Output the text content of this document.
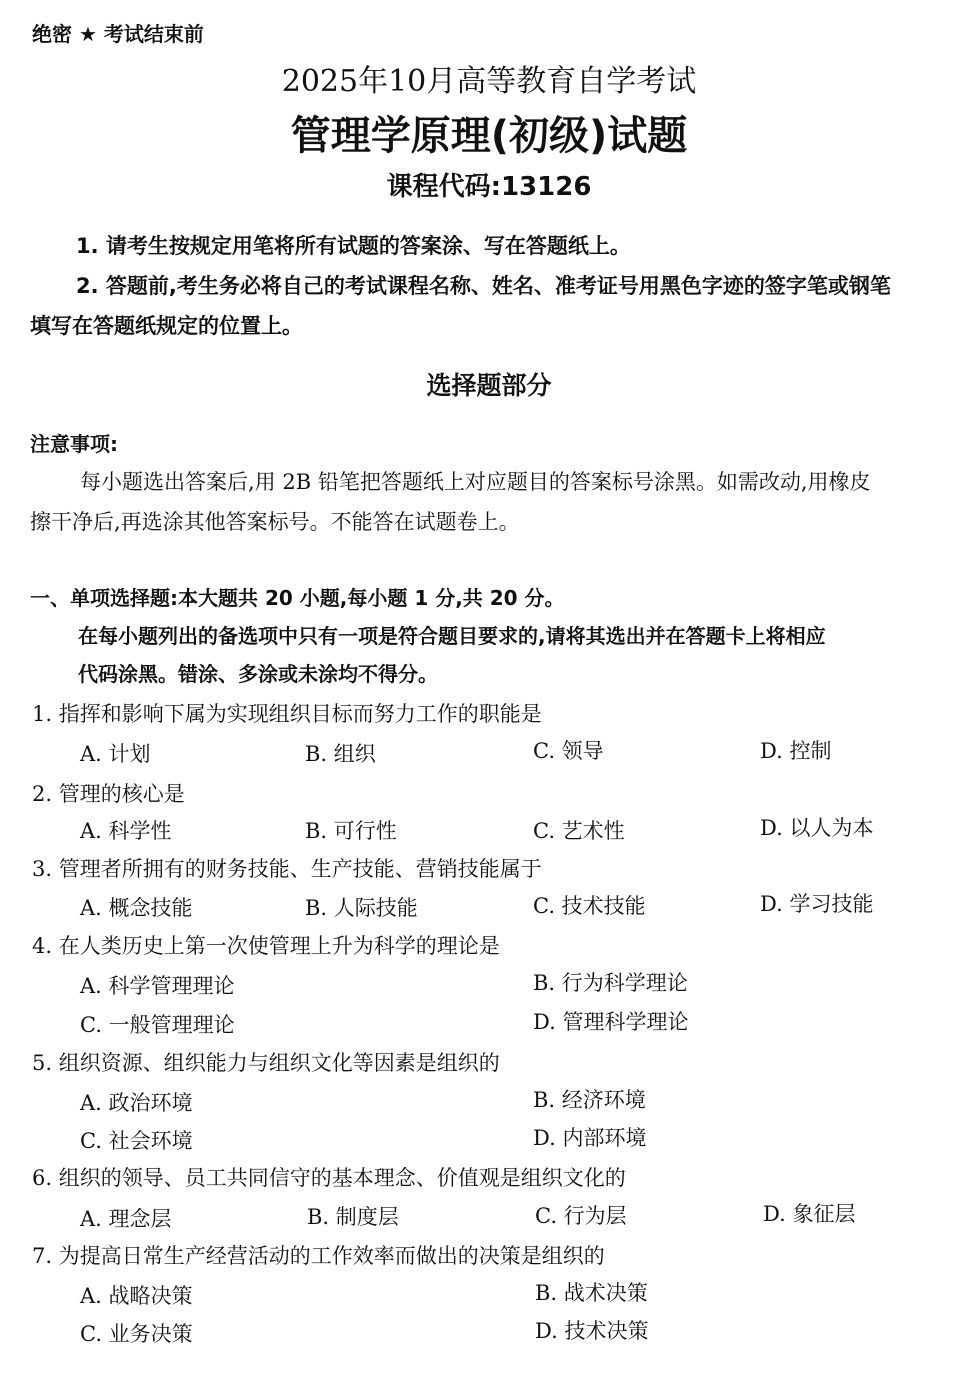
绝密 ★ 考试结束前
2025年10月高等教育自学考试
管理学原理(初级)试题
课程代码:13126
1. 请考生按规定用笔将所有试题的答案涂、写在答题纸上。
2. 答题前,考生务必将自己的考试课程名称、姓名、准考证号用黑色字迹的签字笔或钢笔
填写在答题纸规定的位置上。
选择题部分
注意事项:
每小题选出答案后,用 2B 铅笔把答题纸上对应题目的答案标号涂黑。如需改动,用橡皮
擦干净后,再选涂其他答案标号。不能答在试题卷上。
一、单项选择题:本大题共 20 小题,每小题 1 分,共 20 分。
在每小题列出的备选项中只有一项是符合题目要求的,请将其选出并在答题卡上将相应
代码涂黑。错涂、多涂或未涂均不得分。
1. 指挥和影响下属为实现组织目标而努力工作的职能是
A. 计划	B. 组织	C. 领导	D. 控制
2. 管理的核心是
A. 科学性	B. 可行性	C. 艺术性	D. 以人为本
3. 管理者所拥有的财务技能、生产技能、营销技能属于
A. 概念技能	B. 人际技能	C. 技术技能	D. 学习技能
4. 在人类历史上第一次使管理上升为科学的理论是
A. 科学管理理论	B. 行为科学理论
C. 一般管理理论	D. 管理科学理论
5. 组织资源、组织能力与组织文化等因素是组织的
A. 政治环境	B. 经济环境
C. 社会环境	D. 内部环境
6. 组织的领导、员工共同信守的基本理念、价值观是组织文化的
A. 理念层	B. 制度层	C. 行为层	D. 象征层
7. 为提高日常生产经营活动的工作效率而做出的决策是组织的
A. 战略决策	B. 战术决策
C. 业务决策	D. 技术决策
